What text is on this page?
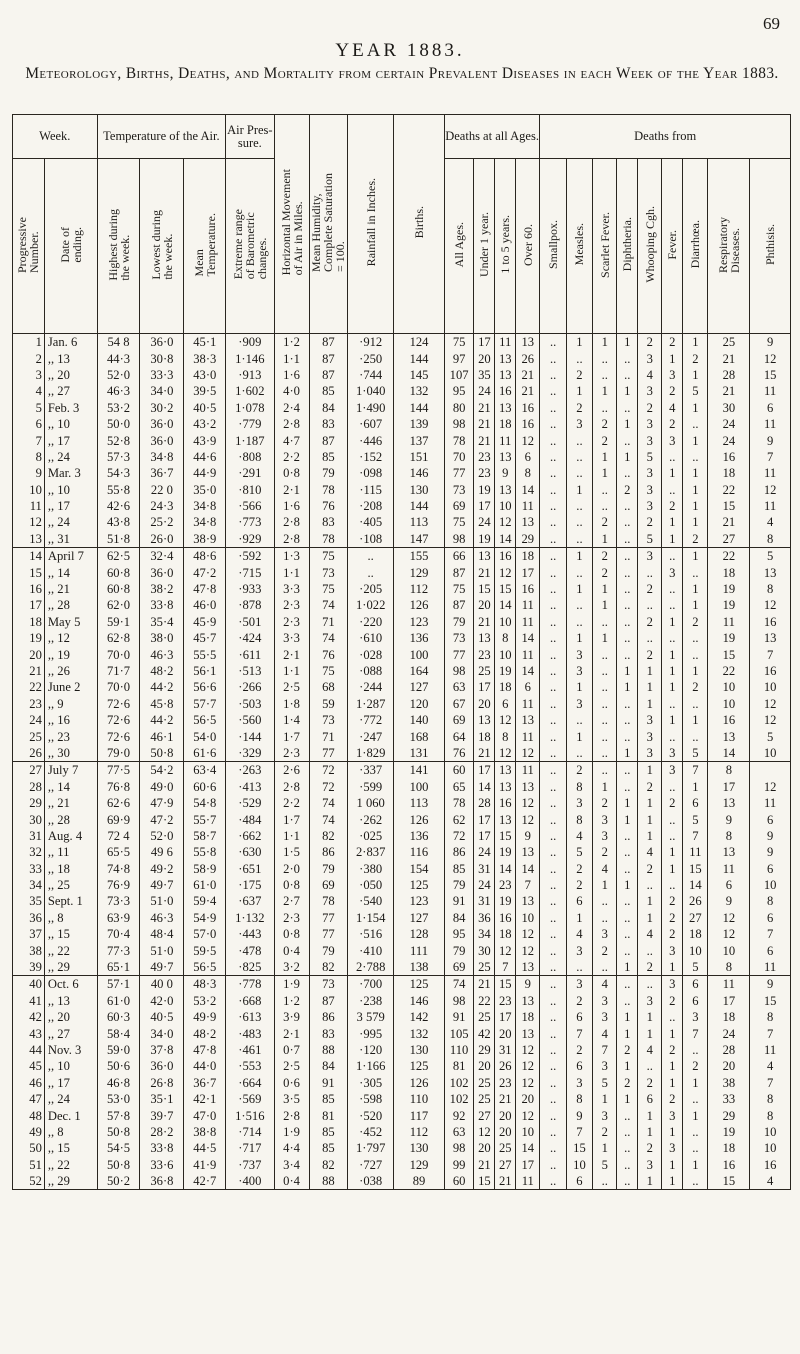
69
YEAR 1883.
Meteorology, Births, Deaths, and Mortality from certain Prevalent Diseases in each Week of the Year 1883.
Week.		Temperature of the Air.			Air Pres- sure.	Horizontal Movement
of Air in Miles.	Mean Humidity,
Complete Saturation
= 100.	Rainfall in Inches.	Births.	Deaths at all Ages.				Deaths from								
Progressive
Number.	Date of
ending.	Highest during
the week.	Lowest during
the week.	Mean
Temperature.	Extreme range
of Barometric
changes.					All Ages.	Under 1 year.	1 to 5 years.	Over 60.	Smallpox.	Measles.	Scarlet Fever.	Diphtheria.	Whooping Cgh.	Fever.	Diarrhœa.	Respiratory
Diseases.	Phthisis.
1	Jan. 6	54 8	36·0	45·1	·909	1·2	87	·912	124	75	17	11	13	..	1	1	1	2	2	1	25	9
2	,, 13	44·3	30·8	38·3	1·146	1·1	87	·250	144	97	20	13	26	..	..	..	..	3	1	2	21	12
3	,, 20	52·0	33·3	43·0	·913	1·6	87	·744	145	107	35	13	21	..	2	..	..	4	3	1	28	15
4	,, 27	46·3	34·0	39·5	1·602	4·0	85	1·040	132	95	24	16	21	..	1	1	1	3	2	5	21	11
5	Feb. 3	53·2	30·2	40·5	1·078	2·4	84	1·490	144	80	21	13	16	..	2	..	..	2	4	1	30	6
6	,, 10	50·0	36·0	43·2	·779	2·8	83	·607	139	98	21	18	16	..	3	2	1	3	2	..	24	11
7	,, 17	52·8	36·0	43·9	1·187	4·7	87	·446	137	78	21	11	12	..	..	2	..	3	3	1	24	9
8	,, 24	57·3	34·8	44·6	·808	2·2	85	·152	151	70	23	13	6	..	..	1	1	5	..	..	16	7
9	Mar. 3	54·3	36·7	44·9	·291	0·8	79	·098	146	77	23	9	8	..	..	1	..	3	1	1	18	11
10	,, 10	55·8	22 0	35·0	·810	2·1	78	·115	130	73	19	13	14	..	1	..	2	3	..	1	22	12
11	,, 17	42·6	24·3	34·8	·566	1·6	76	·208	144	69	17	10	11	..	..	..	..	3	2	1	15	11
12	,, 24	43·8	25·2	34·8	·773	2·8	83	·405	113	75	24	12	13	..	..	2	..	2	1	1	21	4
13	,, 31	51·8	26·0	38·9	·929	2·8	78	·108	147	98	19	14	29	..	..	1	..	5	1	2	27	8
14	April 7	62·5	32·4	48·6	·592	1·3	75	..	155	66	13	16	18	..	1	2	..	3	..	1	22	5
15	,, 14	60·8	36·0	47·2	·715	1·1	73	..	129	87	21	12	17	..	..	2	..	..	3	..	18	13
16	,, 21	60·8	38·2	47·8	·933	3·3	75	·205	112	75	15	15	16	..	1	1	..	2	..	1	19	8
17	,, 28	62·0	33·8	46·0	·878	2·3	74	1·022	126	87	20	14	11	..	..	1	..	..	..	1	19	12
18	May 5	59·1	35·4	45·9	·501	2·3	71	·220	123	79	21	10	11	..	..	..	..	2	1	2	11	16
19	,, 12	62·8	38·0	45·7	·424	3·3	74	·610	136	73	13	8	14	..	1	1	..	..	..	..	19	13
20	,, 19	70·0	46·3	55·5	·611	2·1	76	·028	100	77	23	10	11	..	3	..	..	2	1	..	15	7
21	,, 26	71·7	48·2	56·1	·513	1·1	75	·088	164	98	25	19	14	..	3	..	1	1	1	1	22	16
22	June 2	70·0	44·2	56·6	·266	2·5	68	·244	127	63	17	18	6	..	1	..	1	1	1	2	10	10
23	,, 9	72·6	45·8	57·7	·503	1·8	59	1·287	120	67	20	6	11	..	3	..	..	1	..	..	10	12
24	,, 16	72·6	44·2	56·5	·560	1·4	73	·772	140	69	13	12	13	..	..	..	..	3	1	1	16	12
25	,, 23	72·6	46·1	54·0	·144	1·7	71	·247	168	64	18	8	11	..	1	..	..	3	..	..	13	5
26	,, 30	79·0	50·8	61·6	·329	2·3	77	1·829	131	76	21	12	12	..	..	..	1	3	3	5	14	10
27	July 7	77·5	54·2	63·4	·263	2·6	72	·337	141	60	17	13	11	..	2	..	..	1	3	7	8	
28	,, 14	76·8	49·0	60·6	·413	2·8	72	·599	100	65	14	13	13	..	8	1	..	2	..	1	17	12
29	,, 21	62·6	47·9	54·8	·529	2·2	74	1 060	113	78	28	16	12	..	3	2	1	1	2	6	13	11
30	,, 28	69·9	47·2	55·7	·484	1·7	74	·262	126	62	17	13	12	..	8	3	1	1	..	5	9	6
31	Aug. 4	72 4	52·0	58·7	·662	1·1	82	·025	136	72	17	15	9	..	4	3	..	1	..	7	8	9
32	,, 11	65·5	49 6	55·8	·630	1·5	86	2·837	116	86	24	19	13	..	5	2	..	4	1	11	13	9
33	,, 18	74·8	49·2	58·9	·651	2·0	79	·380	154	85	31	14	14	..	2	4	..	2	1	15	11	6
34	,, 25	76·9	49·7	61·0	·175	0·8	69	·050	125	79	24	23	7	..	2	1	1	..	..	14	6	10
35	Sept. 1	73·3	51·0	59·4	·637	2·7	78	·540	123	91	31	19	13	..	6	..	..	1	2	26	9	8
36	,, 8	63·9	46·3	54·9	1·132	2·3	77	1·154	127	84	36	16	10	..	1	..	..	1	2	27	12	6
37	,, 15	70·4	48·4	57·0	·443	0·8	77	·516	128	95	34	18	12	..	4	3	..	4	2	18	12	7
38	,, 22	77·3	51·0	59·5	·478	0·4	79	·410	111	79	30	12	12	..	3	2	..	..	3	10	10	6
39	,, 29	65·1	49·7	56·5	·825	3·2	82	2·788	138	69	25	7	13	..	..	..	1	2	1	5	8	11
40	Oct. 6	57·1	40 0	48·3	·778	1·9	73	·700	125	74	21	15	9	..	3	4	..	..	3	6	11	9
41	,, 13	61·0	42·0	53·2	·668	1·2	87	·238	146	98	22	23	13	..	2	3	..	3	2	6	17	15
42	,, 20	60·3	40·5	49·9	·613	3·9	86	3 579	142	91	25	17	18	..	6	3	1	1	..	3	18	8
43	,, 27	58·4	34·0	48·2	·483	2·1	83	·995	132	105	42	20	13	..	7	4	1	1	1	7	24	7
44	Nov. 3	59·0	37·8	47·8	·461	0·7	88	·120	130	110	29	31	12	..	2	7	2	4	2	..	28	11
45	,, 10	50·6	36·0	44·0	·553	2·5	84	1·166	125	81	20	26	12	..	6	3	1	..	1	2	20	4
46	,, 17	46·8	26·8	36·7	·664	0·6	91	·305	126	102	25	23	12	..	3	5	2	2	1	1	38	7
47	,, 24	53·0	35·1	42·1	·569	3·5	85	·598	110	102	25	21	20	..	8	1	1	6	2	..	33	8
48	Dec. 1	57·8	39·7	47·0	1·516	2·8	81	·520	117	92	27	20	12	..	9	3	..	1	3	1	29	8
49	,, 8	50·8	28·2	38·8	·714	1·9	85	·452	112	63	12	20	10	..	7	2	..	1	1	..	19	10
50	,, 15	54·5	33·8	44·5	·717	4·4	85	1·797	130	98	20	25	14	..	15	1	..	2	3	..	18	10
51	,, 22	50·8	33·6	41·9	·737	3·4	82	·727	129	99	21	27	17	..	10	5	..	3	1	1	16	16
52	,, 29	50·2	36·8	42·7	·400	0·4	88	·038	89	60	15	21	11	..	6	..	..	1	1	..	15	4
